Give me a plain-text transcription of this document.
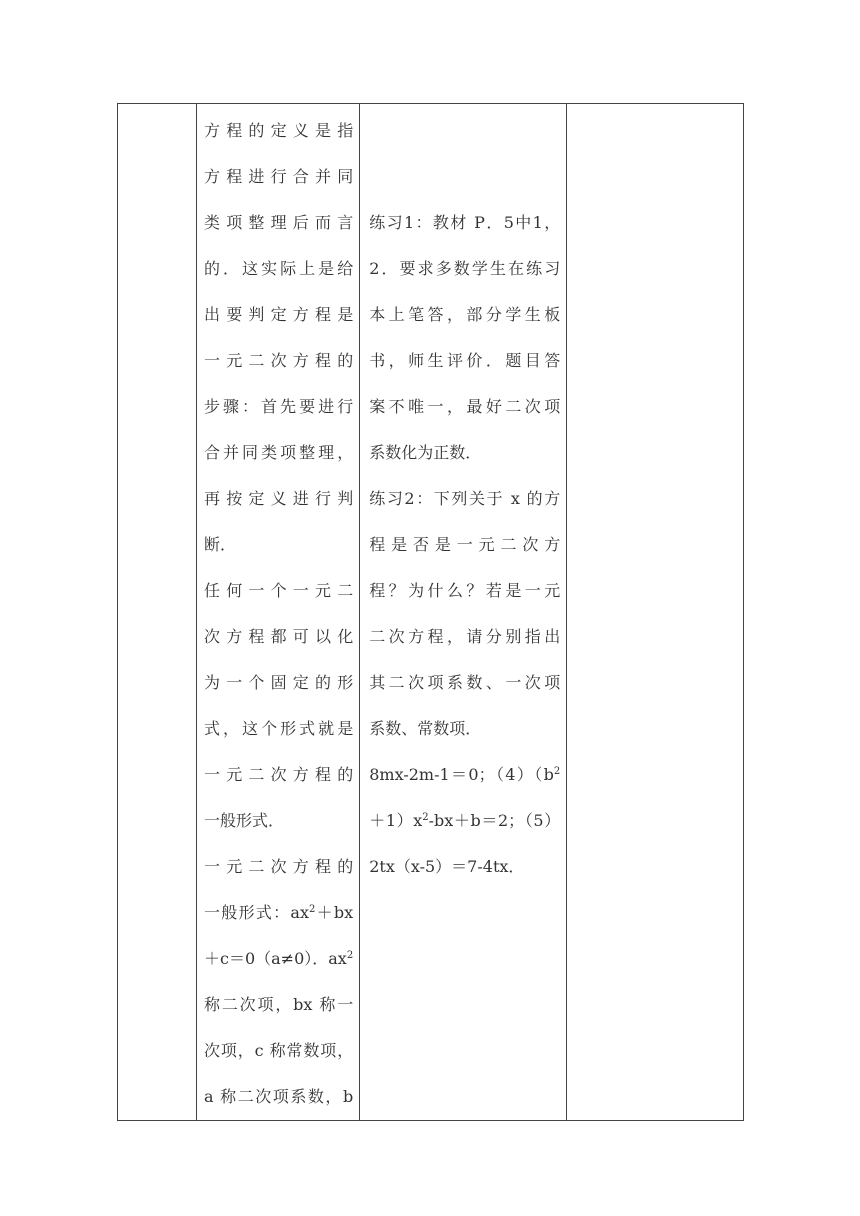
方程的定义是指
方程进行合并同
类项整理后而言
的．这实际上是给
出要判定方程是
一元二次方程的
步骤：首先要进行
合并同类项整理，
再按定义进行判
断．
任何一个一元二
次方程都可以化
为一个固定的形
式，这个形式就是
一元二次方程的
一般形式．
一元二次方程的
一般形式：$ax^2+bx$
＋c＝0（a≠0）．$ax^2$
称二次项，bx 称一
次项，c 称常数项，
a 称二次项系数，b

练习1：教材 P．5中1，
2．要求多数学生在练习
本上笔答，部分学生板
书，师生评价．题目答
案不唯一，最好二次项
系数化为正数．
练习2：下列关于 x 的方
程是否是一元二次方
程？为什么？若是一元
二次方程，请分别指出
其二次项系数、一次项
系数、常数项．
8mx-2m-1＝0；$(4)(b^2$
$+1)x^2-bx+b=2$；（5）
2tx（x-5）＝7-4tx．
